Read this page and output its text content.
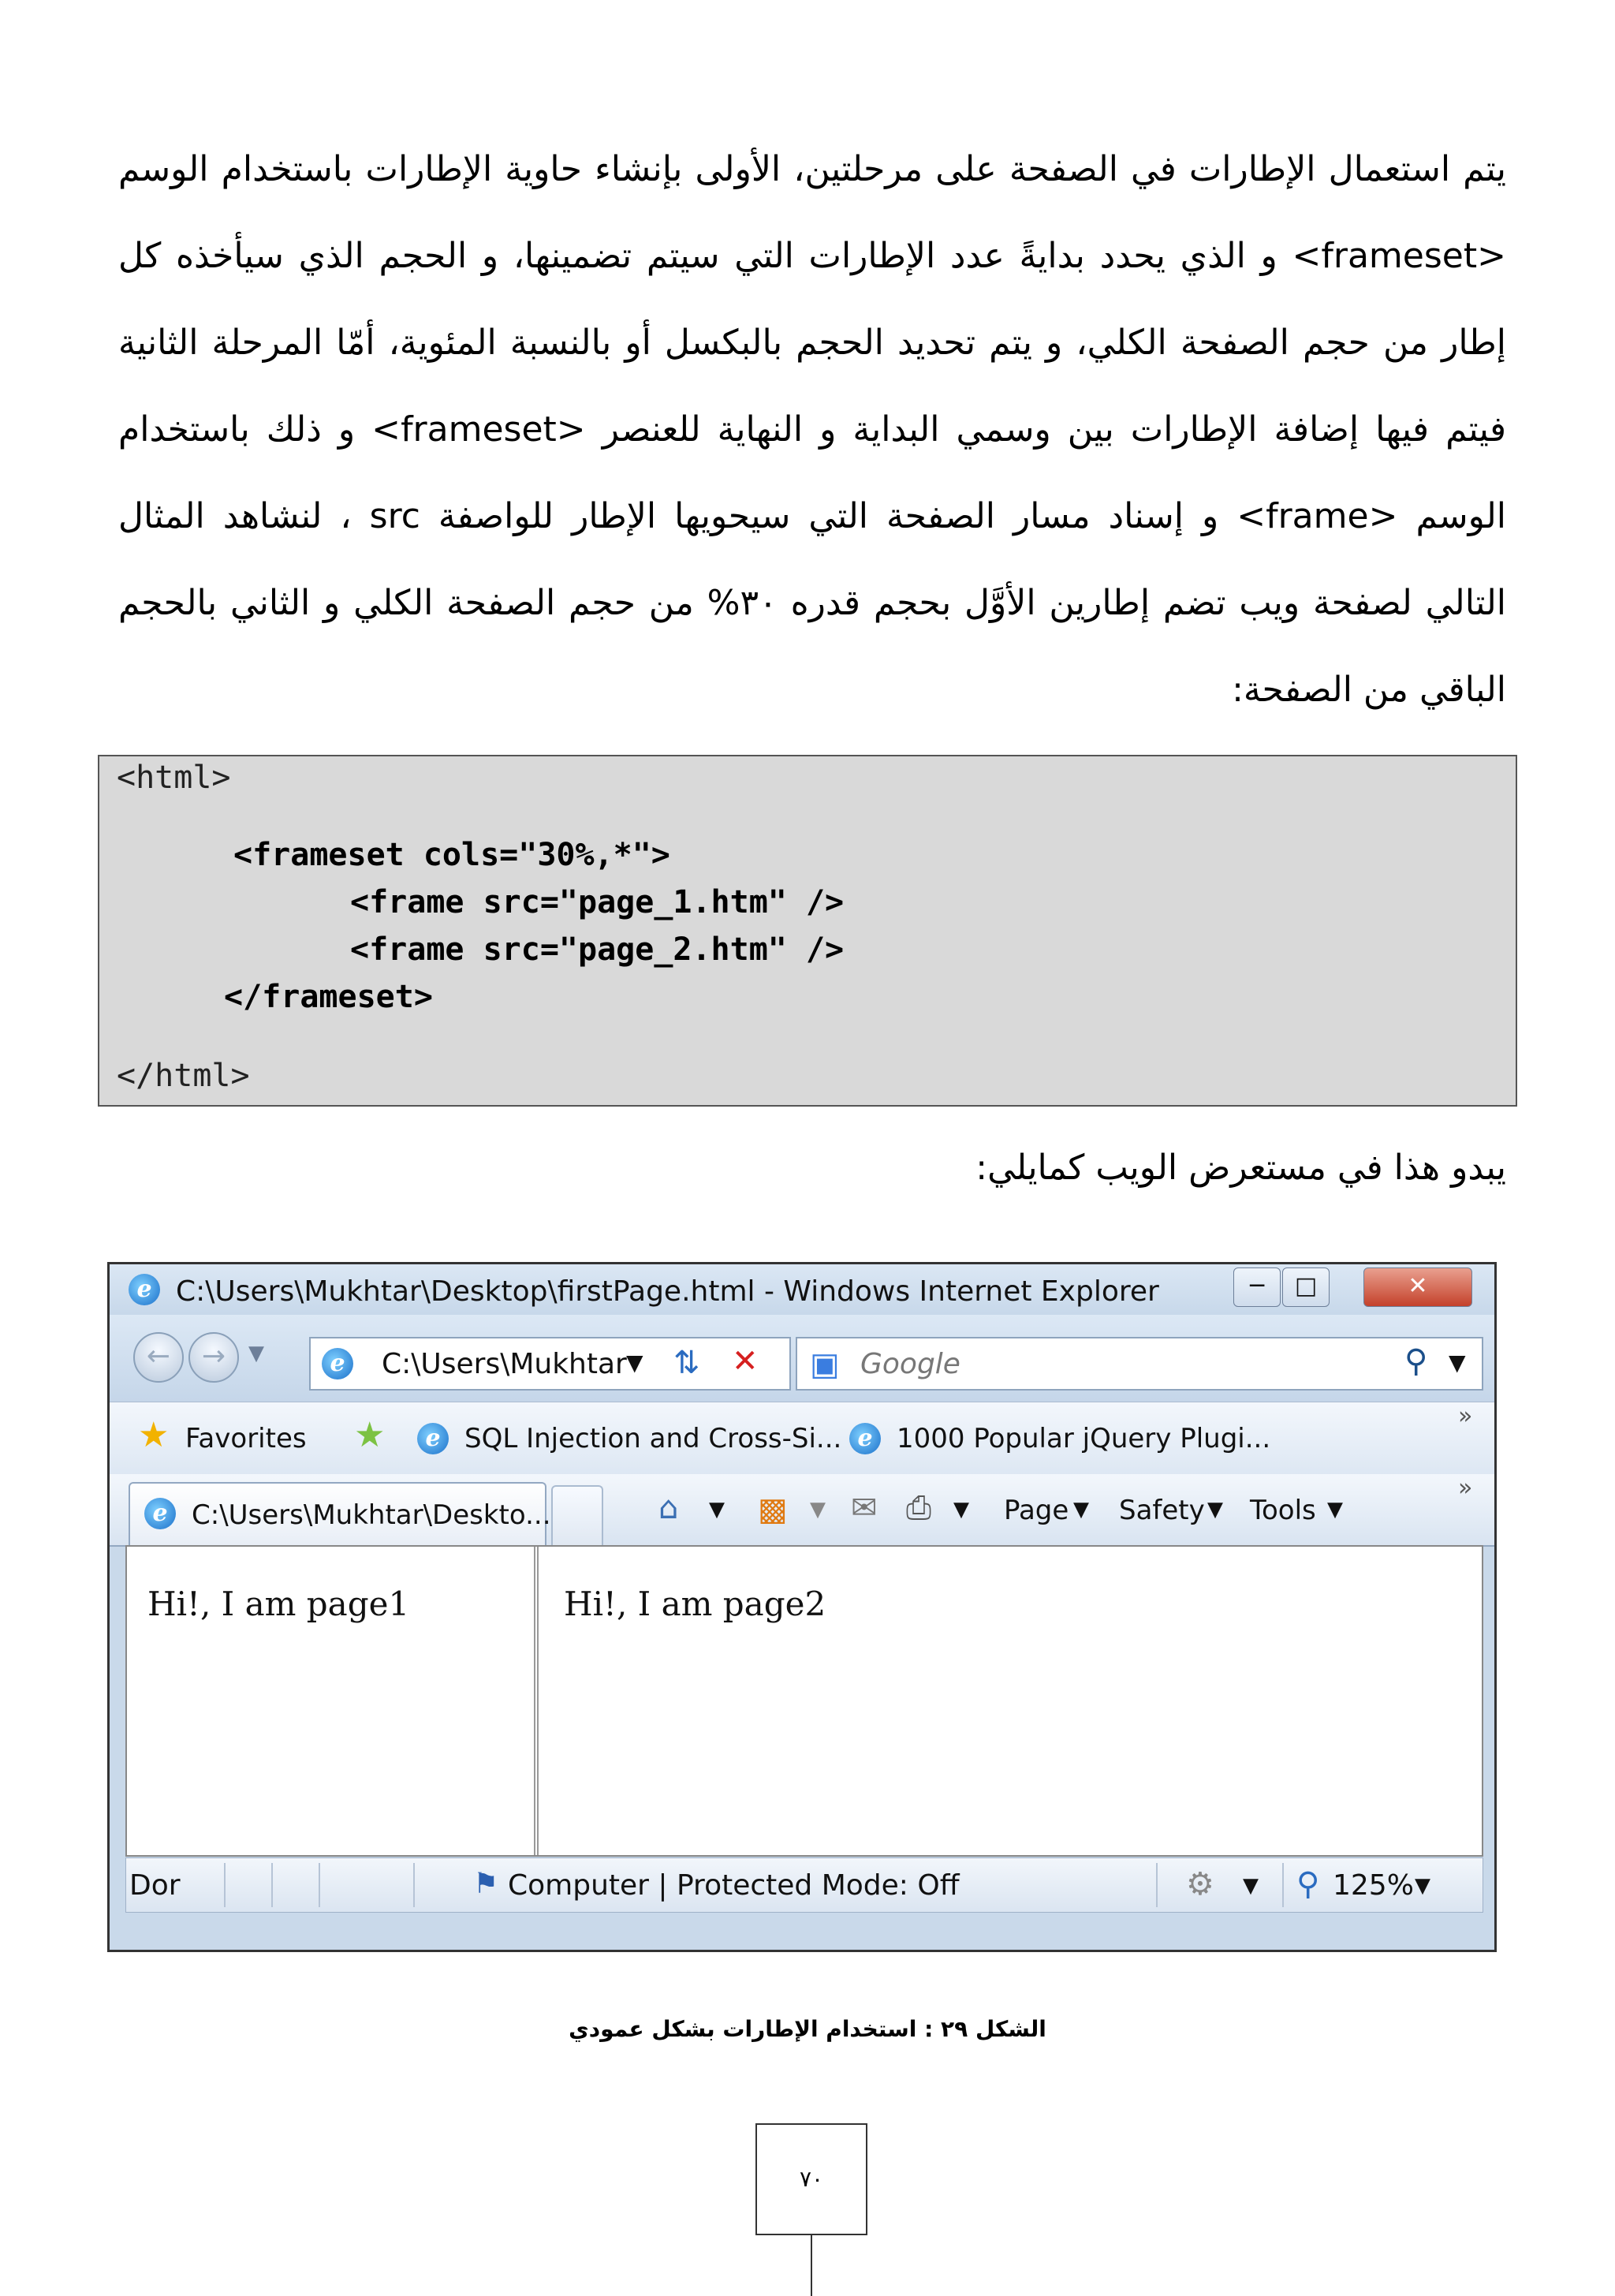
يتم استعمال الإطارات في الصفحة على مرحلتين، الأولى بإنشاء حاوية الإطارات باستخدام الوسم
<frameset> و الذي يحدد بدايةً عدد الإطارات التي سيتم تضمينها، و الحجم الذي سيأخذه كل
إطار من حجم الصفحة الكلي، و يتم تحديد الحجم بالبكسل أو بالنسبة المئوية، أمّا المرحلة الثانية
فيتم فيها إضافة الإطارات بين وسمي البداية و النهاية للعنصر <frameset> و ذلك باستخدام
الوسم <frame> و إسناد مسار الصفحة التي سيحويها الإطار للواصفة src ، لنشاهد المثال
التالي لصفحة ويب تضم إطارين الأوَّل بحجم قدره ٣٠% من حجم الصفحة الكلي و الثاني بالحجم
الباقي من الصفحة:
<html>
<frameset cols="30%,*">
<frame src="page_1.htm" />
<frame src="page_2.htm" />
</frameset>
</html>
يبدو هذا في مستعرض الويب كمايلي:
e C:\Users\Mukhtar\Desktop\firstPage.html - Windows Internet Explorer	─	□	✕
←	→	▼	e C:\Users\Mukhtar ▼ ⇅ ✕ ▣ Google	⚲ ▼
★ Favorites ★	e SQL Injection and Cross-Si... e 1000 Popular jQuery Plugi...
»
e C:\Users\Mukhtar\Deskto...	⌂ ▼ ▩ ▼ ✉ ⎙ ▼ Page ▼ Safety ▼ Tools ▼
»
Hi!, I am page1	Hi!, I am page2
Dor	⚑ Computer | Protected Mode: Off	⚙ ▼ ⚲ 125% ▼
الشكل ٢٩ : استخدام الإطارات بشكل عمودي
٧٠
